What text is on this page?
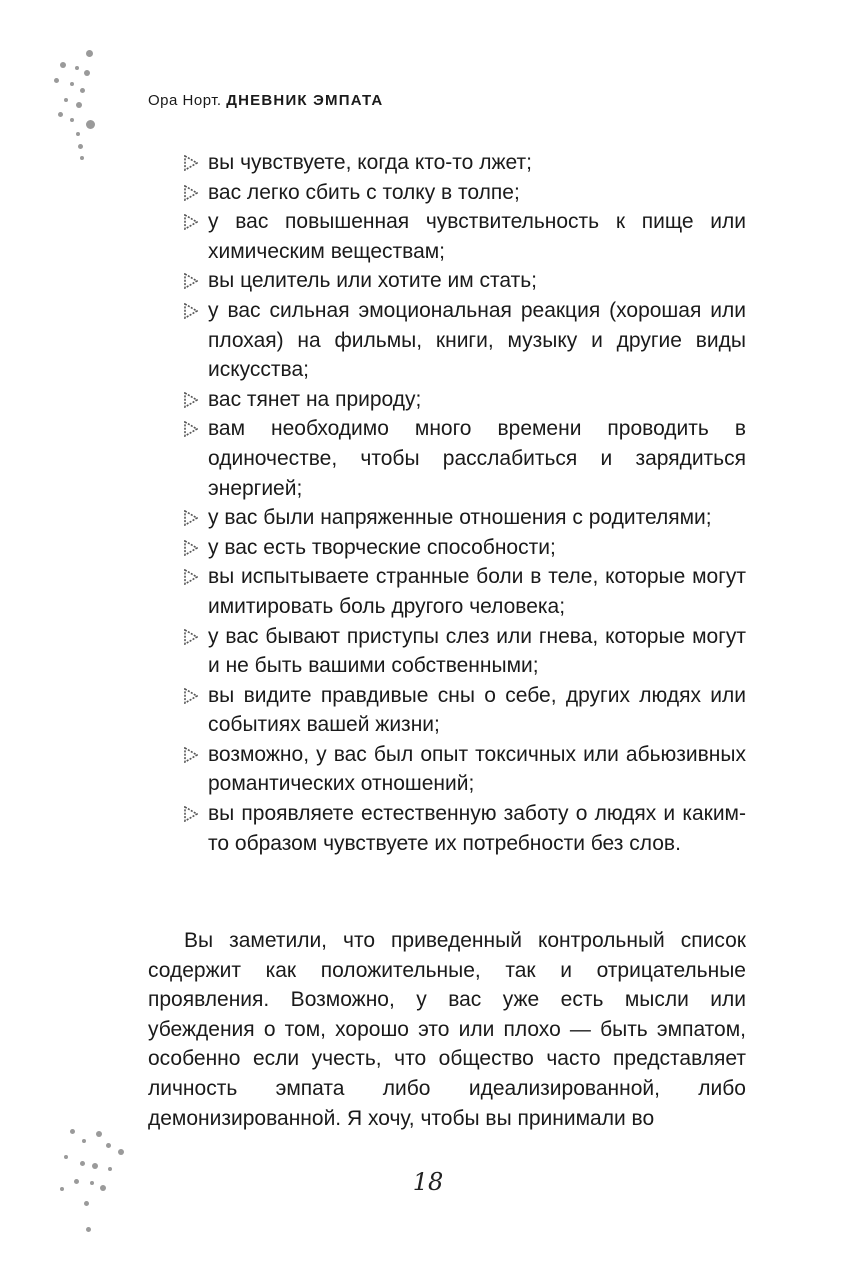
Ора Норт. ДНЕВНИК ЭМПАТА
вы чувствуете, когда кто-то лжет;
вас легко сбить с толку в толпе;
у вас повышенная чувствительность к пище или химическим веществам;
вы целитель или хотите им стать;
у вас сильная эмоциональная реакция (хорошая или плохая) на фильмы, книги, музыку и другие виды искусства;
вас тянет на природу;
вам необходимо много времени проводить в одиночестве, чтобы расслабиться и зарядиться энергией;
у вас были напряженные отношения с родителями;
у вас есть творческие способности;
вы испытываете странные боли в теле, которые могут имитировать боль другого человека;
у вас бывают приступы слез или гнева, которые могут и не быть вашими собственными;
вы видите правдивые сны о себе, других людях или событиях вашей жизни;
возможно, у вас был опыт токсичных или абьюзивных романтических отношений;
вы проявляете естественную заботу о людях и каким-то образом чувствуете их потребности без слов.

Вы заметили, что приведенный контрольный список содержит как положительные, так и отрицательные проявления. Возможно, у вас уже есть мысли или убеждения о том, хорошо это или плохо — быть эмпатом, особенно если учесть, что общество часто представляет личность эмпата либо идеализированной, либо демонизированной. Я хочу, чтобы вы принимали во

18
